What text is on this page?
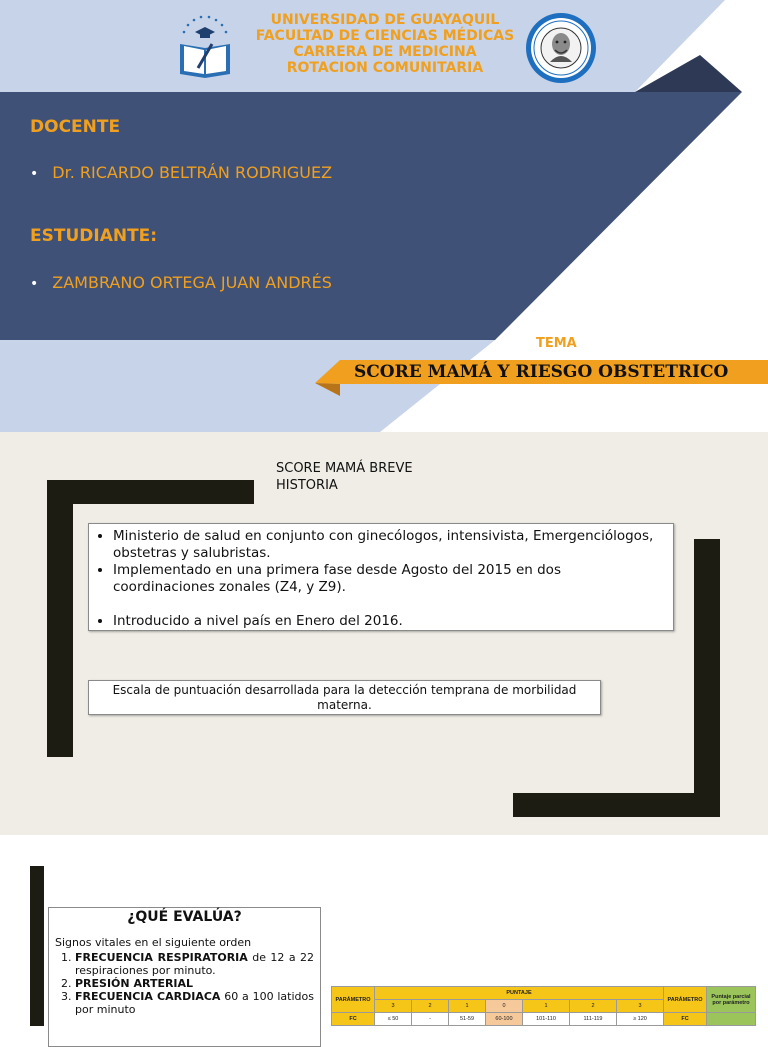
UNIVERSIDAD DE GUAYAQUIL
FACULTAD DE CIENCIAS MÉDICAS
CARRERA DE MEDICINA
ROTACION COMUNITARIA
DOCENTE
• Dr. RICARDO BELTRÁN RODRIGUEZ
ESTUDIANTE:
• ZAMBRANO ORTEGA JUAN ANDRÉS
TEMA
SCORE MAMÁ Y RIESGO OBSTETRICO
SCORE MAMÁ BREVE
HISTORIA
• Ministerio de salud en conjunto con ginecólogos, intensivista, Emergenciólogos, obstetras y salubristas.
• Implementado en una primera fase desde Agosto del 2015 en dos coordinaciones zonales (Z4, y Z9).
• Introducido a nivel país en Enero del 2016.
Escala de puntuación desarrollada para la detección temprana de morbilidad materna.
¿QUÉ EVALÚA?
Signos vitales en el siguiente orden
1. FRECUENCIA RESPIRATORIA de 12 a 22 respiraciones por minuto.
2. PRESIÓN ARTERIAL
3. FRECUENCIA CARDIACA 60 a 100 latidos por minuto
PARÁMETRO	PUNTAJE							PARÁMETRO	Puntaje parcial por parámetro
	3	2	1	0	1	2	3		
FC	≤ 50	-	51-59	60-100	101-110	111-119	≥ 120	FC	
